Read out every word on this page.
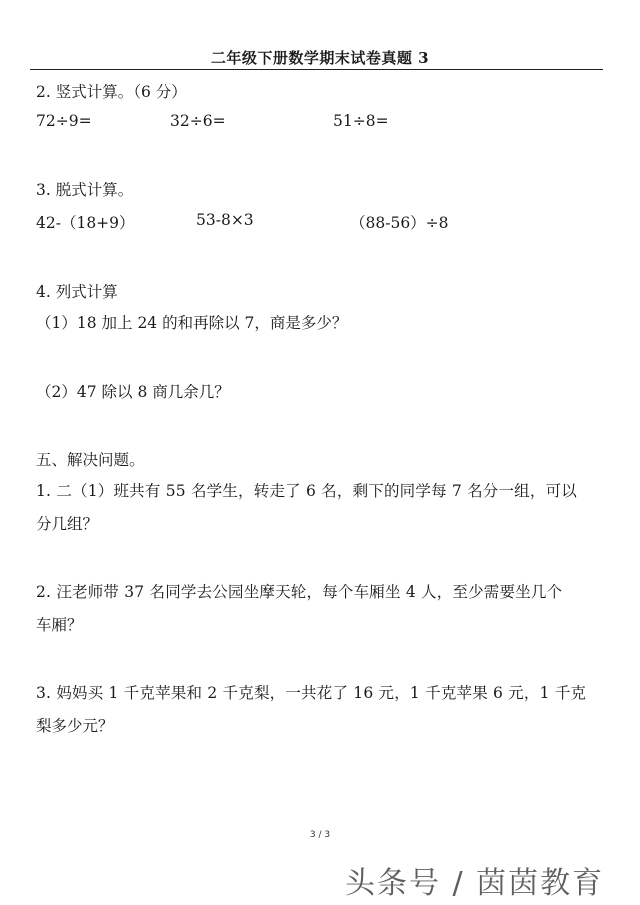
二年级下册数学期末试卷真题 3
2. 竖式计算。（6 分）
72÷9=	32÷6=	51÷8=
3. 脱式计算。
42-（18+9）	53-8×3	（88-56）÷8
4. 列式计算
（1）18 加上 24 的和再除以 7，商是多少？
（2）47 除以 8 商几余几？
五、解决问题。
1. 二（1）班共有 55 名学生，转走了 6 名，剩下的同学每 7 名分一组，可以
分几组？
2. 汪老师带 37 名同学去公园坐摩天轮，每个车厢坐 4 人，至少需要坐几个
车厢？
3. 妈妈买 1 千克苹果和 2 千克梨，一共花了 16 元，1 千克苹果 6 元，1 千克
梨多少元？
3 / 3
头条号 / 茵茵教育
